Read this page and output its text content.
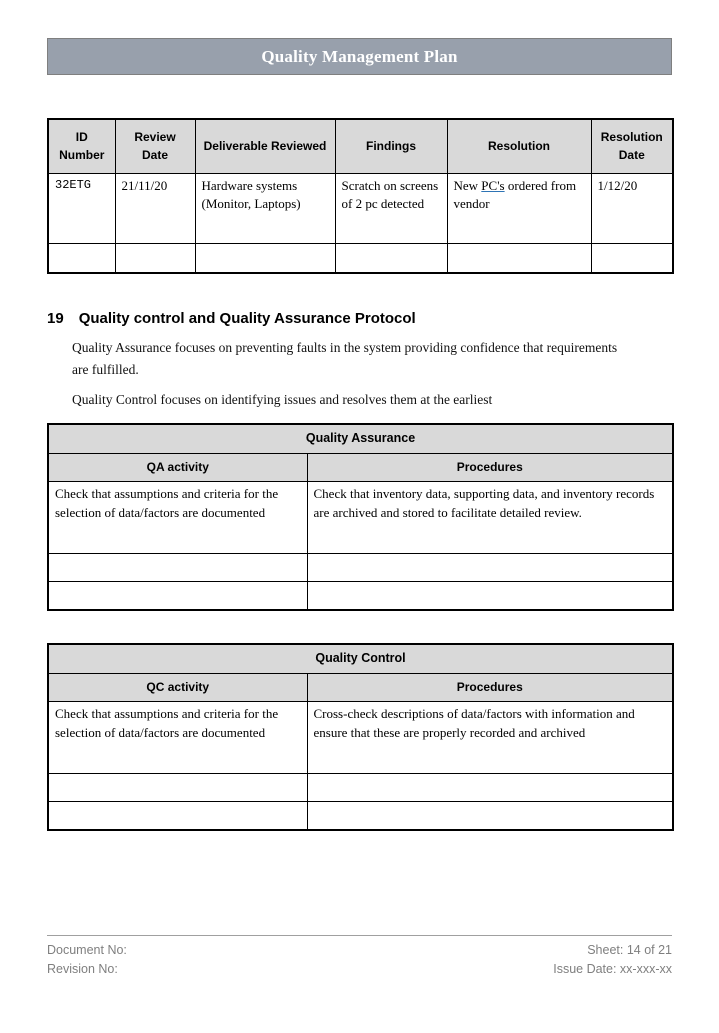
Quality Management Plan
ID Number	Review Date	Deliverable Reviewed	Findings	Resolution	Resolution Date
32ETG	21/11/20	Hardware systems (Monitor, Laptops)	Scratch on screens of 2 pc detected	New PC's ordered from vendor	1/12/20

19 Quality control and Quality Assurance Protocol

Quality Assurance focuses on preventing faults in the system providing confidence that requirements are fulfilled.

Quality Control focuses on identifying issues and resolves them at the earliest

Quality Assurance	
QA activity	Procedures
Check that assumptions and criteria for the selection of data/factors are documented	Check that inventory data, supporting data, and inventory records are archived and stored to facilitate detailed review.

Quality Control	
QC activity	Procedures
Check that assumptions and criteria for the selection of data/factors are documented	Cross-check descriptions of data/factors with information and ensure that these are properly recorded and archived

Document No:
Revision No:
Sheet: 14 of 21
Issue Date: xx-xxx-xx
